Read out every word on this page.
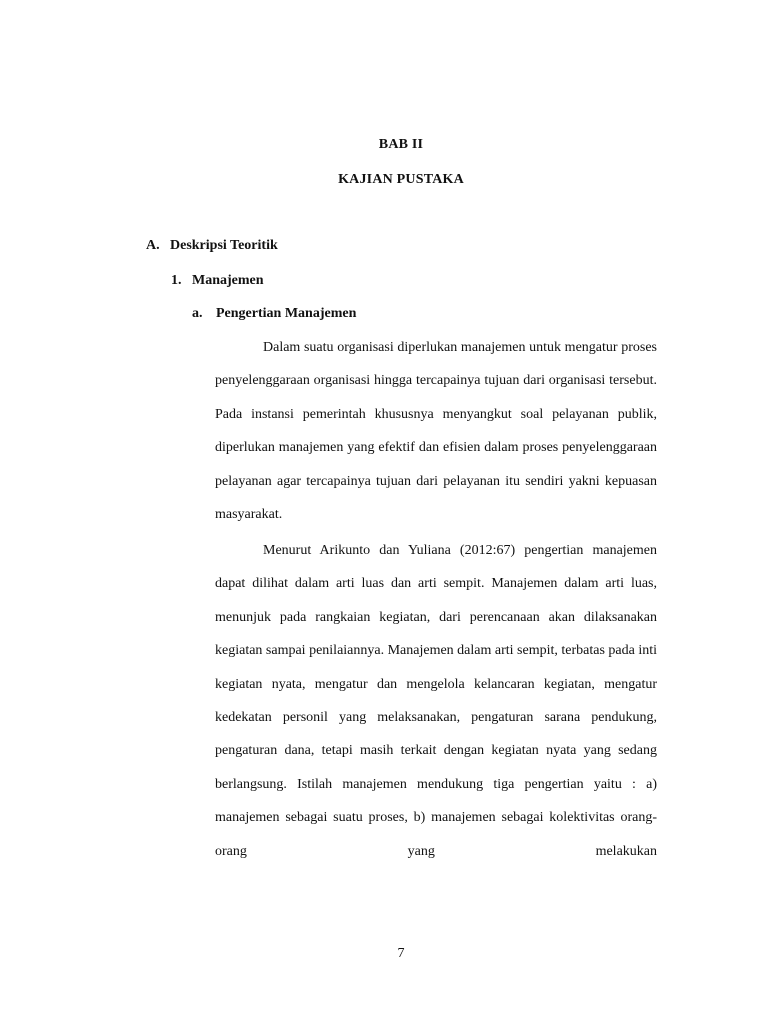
BAB II
KAJIAN PUSTAKA
A. Deskripsi Teoritik
1. Manajemen
a. Pengertian Manajemen

Dalam suatu organisasi diperlukan manajemen untuk mengatur proses penyelenggaraan organisasi hingga tercapainya tujuan dari organisasi tersebut. Pada instansi pemerintah khususnya menyangkut soal pelayanan publik, diperlukan manajemen yang efektif dan efisien dalam proses penyelenggaraan pelayanan agar tercapainya tujuan dari pelayanan itu sendiri yakni kepuasan masyarakat.

Menurut Arikunto dan Yuliana (2012:67) pengertian manajemen dapat dilihat dalam arti luas dan arti sempit. Manajemen dalam arti luas, menunjuk pada rangkaian kegiatan, dari perencanaan akan dilaksanakan kegiatan sampai penilaiannya. Manajemen dalam arti sempit, terbatas pada inti kegiatan nyata, mengatur dan mengelola kelancaran kegiatan, mengatur kedekatan personil yang melaksanakan, pengaturan sarana pendukung, pengaturan dana, tetapi masih terkait dengan kegiatan nyata yang sedang berlangsung. Istilah manajemen mendukung tiga pengertian yaitu : a) manajemen sebagai suatu proses, b) manajemen sebagai kolektivitas orang-orang yang melakukan

7
